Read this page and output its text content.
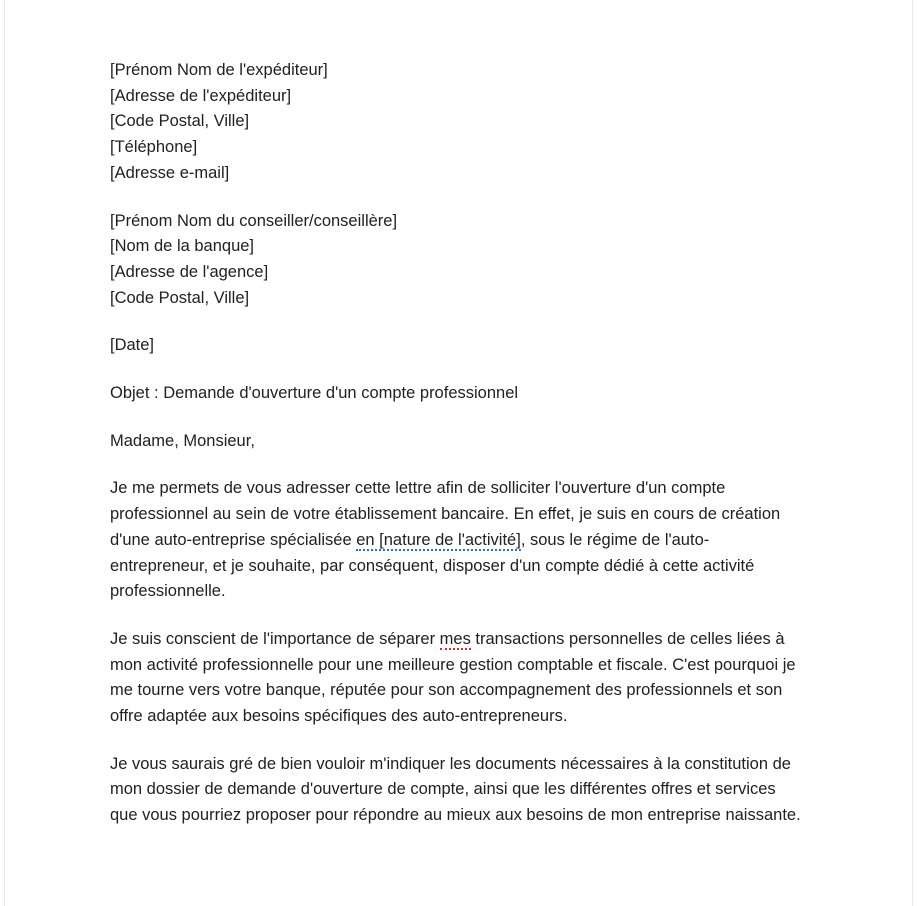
[Prénom Nom de l'expéditeur]
[Adresse de l'expéditeur]
[Code Postal, Ville]
[Téléphone]
[Adresse e-mail]
[Prénom Nom du conseiller/conseillère]
[Nom de la banque]
[Adresse de l'agence]
[Code Postal, Ville]
[Date]
Objet : Demande d'ouverture d'un compte professionnel
Madame, Monsieur,
Je me permets de vous adresser cette lettre afin de solliciter l'ouverture d'un compte professionnel au sein de votre établissement bancaire. En effet, je suis en cours de création d'une auto-entreprise spécialisée en [nature de l'activité], sous le régime de l'auto-entrepreneur, et je souhaite, par conséquent, disposer d'un compte dédié à cette activité professionnelle.
Je suis conscient de l'importance de séparer mes transactions personnelles de celles liées à mon activité professionnelle pour une meilleure gestion comptable et fiscale. C'est pourquoi je me tourne vers votre banque, réputée pour son accompagnement des professionnels et son offre adaptée aux besoins spécifiques des auto-entrepreneurs.
Je vous saurais gré de bien vouloir m'indiquer les documents nécessaires à la constitution de mon dossier de demande d'ouverture de compte, ainsi que les différentes offres et services que vous pourriez proposer pour répondre au mieux aux besoins de mon entreprise naissante.
